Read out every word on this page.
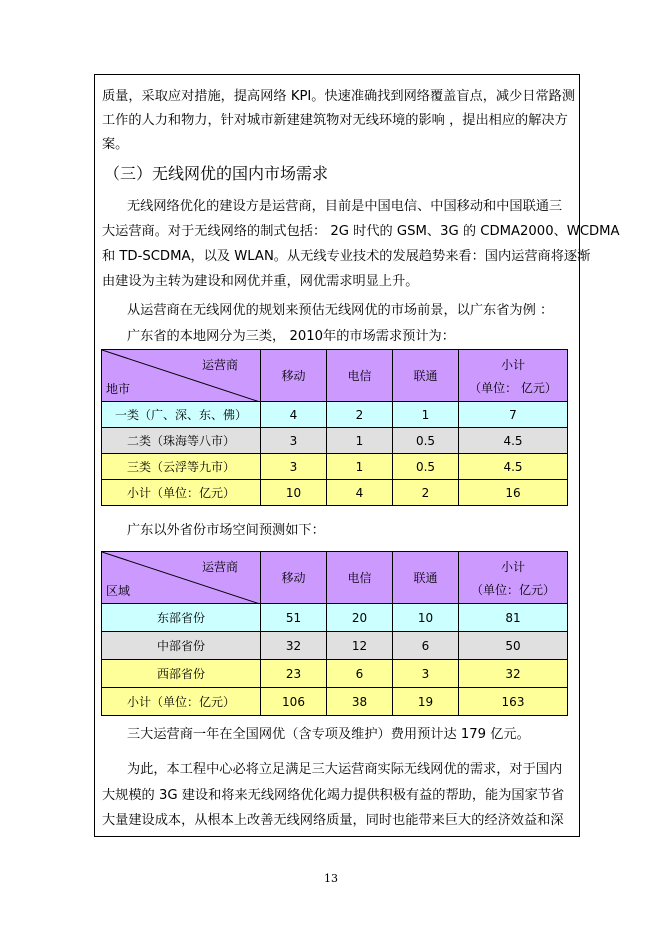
质量，采取应对措施，提高网络 KPI。快速准确找到网络覆盖盲点，减少日常路测
工作的人力和物力，针对城市新建建筑物对无线环境的影响 ，提出相应的解决方
案。
（三）无线网优的国内市场需求
无线网络优化的建设方是运营商，目前是中国电信、中国移动和中国联通三
大运营商。对于无线网络的制式包括： 2G 时代的 GSM、3G 的 CDMA2000、WCDMA
和 TD-SCDMA，以及 WLAN。从无线专业技术的发展趋势来看：国内运营商将逐渐
由建设为主转为建设和网优并重，网优需求明显上升。
从运营商在无线网优的规划来预估无线网优的市场前景，以广东省为例 ：
广东省的本地网分为三类， 2010年的市场需求预计为：
运营商
地市	移动	电信	联通	小计
（单位： 亿元）

一类（广、深、东、佛）	4	2	1	7
二类（珠海等八市）	3	1	0.5	4.5
三类（云浮等九市）	3	1	0.5	4.5
小计（单位：亿元）	10	4	2	16
广东以外省份市场空间预测如下：
运营商
区域	移动	电信	联通	小计
（单位：亿元）

东部省份	51	20	10	81
中部省份	32	12	6	50
西部省份	23	6	3	32
小计（单位：亿元）	106	38	19	163
三大运营商一年在全国网优（含专项及维护）费用预计达 179 亿元。
为此，本工程中心必将立足满足三大运营商实际无线网优的需求，对于国内
大规模的 3G 建设和将来无线网络优化竭力提供积极有益的帮助，能为国家节省
大量建设成本，从根本上改善无线网络质量，同时也能带来巨大的经济效益和深
13
